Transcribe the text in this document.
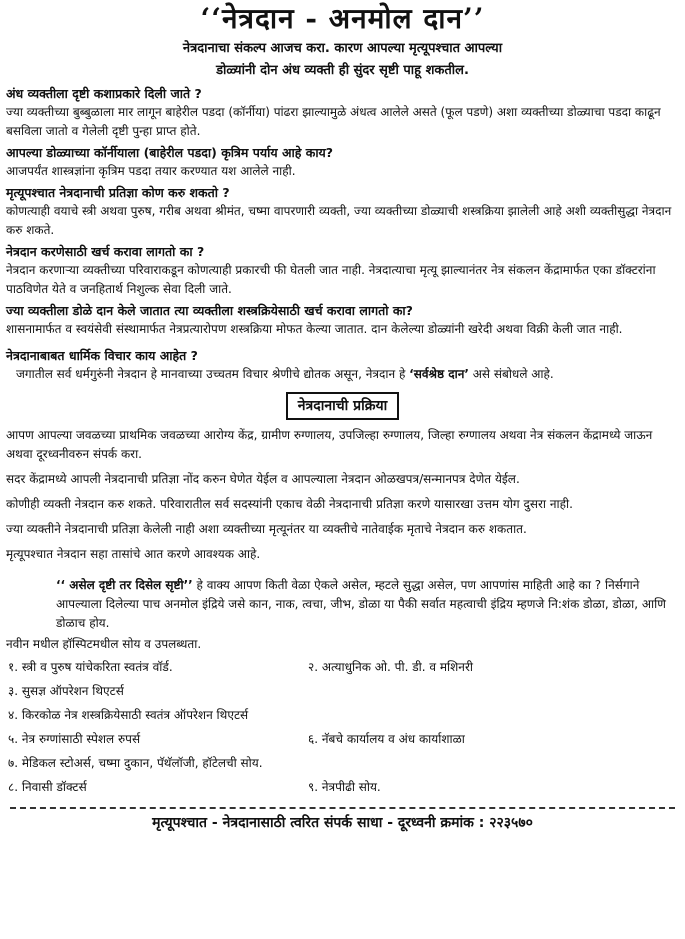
‘‘नेत्रदान - अनमोल दान’’
नेत्रदानाचा संकल्प आजच करा. कारण आपल्या मृत्यूपश्चात आपल्या
डोळ्यांनी दोन अंध व्यक्ती ही सुंदर सृष्टी पाहू शकतील.
अंध व्यक्तीला दृष्टी कशाप्रकारे दिली जाते ?
ज्या व्यक्तीच्या बुब्बुळाला मार लागून बाहेरील पडदा (कॉर्नीया) पांढरा झाल्यामुळे अंधत्व आलेले असते (फूल पडणे) अशा व्यक्तीच्या डोळ्याचा पडदा काढून बसविला जातो व गेलेली दृष्टी पुन्हा प्राप्त होते.
आपल्या डोळ्याच्या कॉर्नीयाला (बाहेरील पडदा) कृत्रिम पर्याय आहे काय?
आजपर्यंत शास्त्रज्ञांना कृत्रिम पडदा तयार करण्यात यश आलेले नाही.
मृत्यूपश्चात नेत्रदानाची प्रतिज्ञा कोण करु शकतो ?
कोणत्याही वयाचे स्त्री अथवा पुरुष, गरीब अथवा श्रीमंत, चष्मा वापरणारी व्यक्ती, ज्या व्यक्तीच्या डोळ्याची शस्त्रक्रिया झालेली आहे अशी व्यक्तीसुद्धा नेत्रदान करु शकते.
नेत्रदान करणेसाठी खर्च करावा लागतो का ?
नेत्रदान करणाऱ्या व्यक्तीच्या परिवाराकडून कोणत्याही प्रकारची फी घेतली जात नाही. नेत्रदात्याचा मृत्यू झाल्यानंतर नेत्र संकलन केंद्रामार्फत एका डॉक्टरांना पाठविणेत येते व जनहितार्थ निशुल्क सेवा दिली जाते.
ज्या व्यक्तीला डोळे दान केले जातात त्या व्यक्तीला शस्त्रक्रियेसाठी खर्च करावा लागतो का?
शासनामार्फत व स्वयंसेवी संस्थामार्फत नेत्रप्रत्यारोपण शस्त्रक्रिया मोफत केल्या जातात. दान केलेल्या डोळ्यांनी खरेदी अथवा विक्री केली जात नाही.
नेत्रदानाबाबत धार्मिक विचार काय आहेत ?
जगातील सर्व धर्मगुरुंनी नेत्रदान हे मानवाच्या उच्चतम विचार श्रेणीचे द्योतक असून, नेत्रदान हे ‘सर्वश्रेष्ठ दान’ असे संबोधले आहे.
नेत्रदानाची प्रक्रिया
आपण आपल्या जवळच्या प्राथमिक जवळच्या आरोग्य केंद्र, ग्रामीण रुग्णालय, उपजिल्हा रुग्णालय, जिल्हा रुग्णालय अथवा नेत्र संकलन केंद्रामध्ये जाऊन अथवा दूरध्वनीवरुन संपर्क करा.
सदर केंद्रामध्ये आपली नेत्रदानाची प्रतिज्ञा नोंद करुन घेणेत येईल व आपल्याला नेत्रदान ओळखपत्र/सन्मानपत्र देणेत येईल.
कोणीही व्यक्ती नेत्रदान करु शकते. परिवारातील सर्व सदस्यांनी एकाच वेळी नेत्रदानाची प्रतिज्ञा करणे यासारखा उत्तम योग दुसरा नाही.
ज्या व्यक्तीने नेत्रदानाची प्रतिज्ञा केलेली नाही अशा व्यक्तीच्या मृत्यूनंतर या व्यक्तीचे नातेवाईक मृताचे नेत्रदान करु शकतात.
मृत्यूपश्चात नेत्रदान सहा तासांचे आत करणे आवश्यक आहे.
‘‘ असेल दृष्टी तर दिसेल सृष्टी’’ हे वाक्य आपण किती वेळा ऐकले असेल, म्हटले सुद्धा असेल, पण आपणांस माहिती आहे का ? निर्सगाने आपल्याला दिलेल्या पाच अनमोल इंद्रिये जसे कान, नाक, त्वचा, जीभ, डोळा या पैकी सर्वात महत्वाची इंद्रिय म्हणजे नि:शंक डोळा, डोळा, आणि डोळाच होय.
नवीन मधील हॉस्पिटमधील सोय व उपलब्धता.
१. स्त्री व पुरुष यांचेकरिता स्वतंत्र वॉर्ड.	२. अत्याधुनिक ओ. पी. डी. व मशिनरी
३. सुसज्ञ ऑपरेशन थिएटर्स
४. किरकोळ नेत्र शस्त्रक्रियेसाठी स्वतंत्र ऑपरेशन थिएटर्स
५. नेत्र रुग्णांसाठी स्पेशल रुपर्स	६. नॅबचे कार्यालय व अंध कार्याशाळा
७. मेडिकल स्टोअर्स, चष्मा दुकान, पॅथॅलॉजी, हॉटेलची सोय.
८. निवासी डॉक्टर्स	९. नेत्रपीढी सोय.
मृत्यूपश्चात - नेत्रदानासाठी त्वरित संपर्क साधा - दूरध्वनी क्रमांक : २२३५७०
